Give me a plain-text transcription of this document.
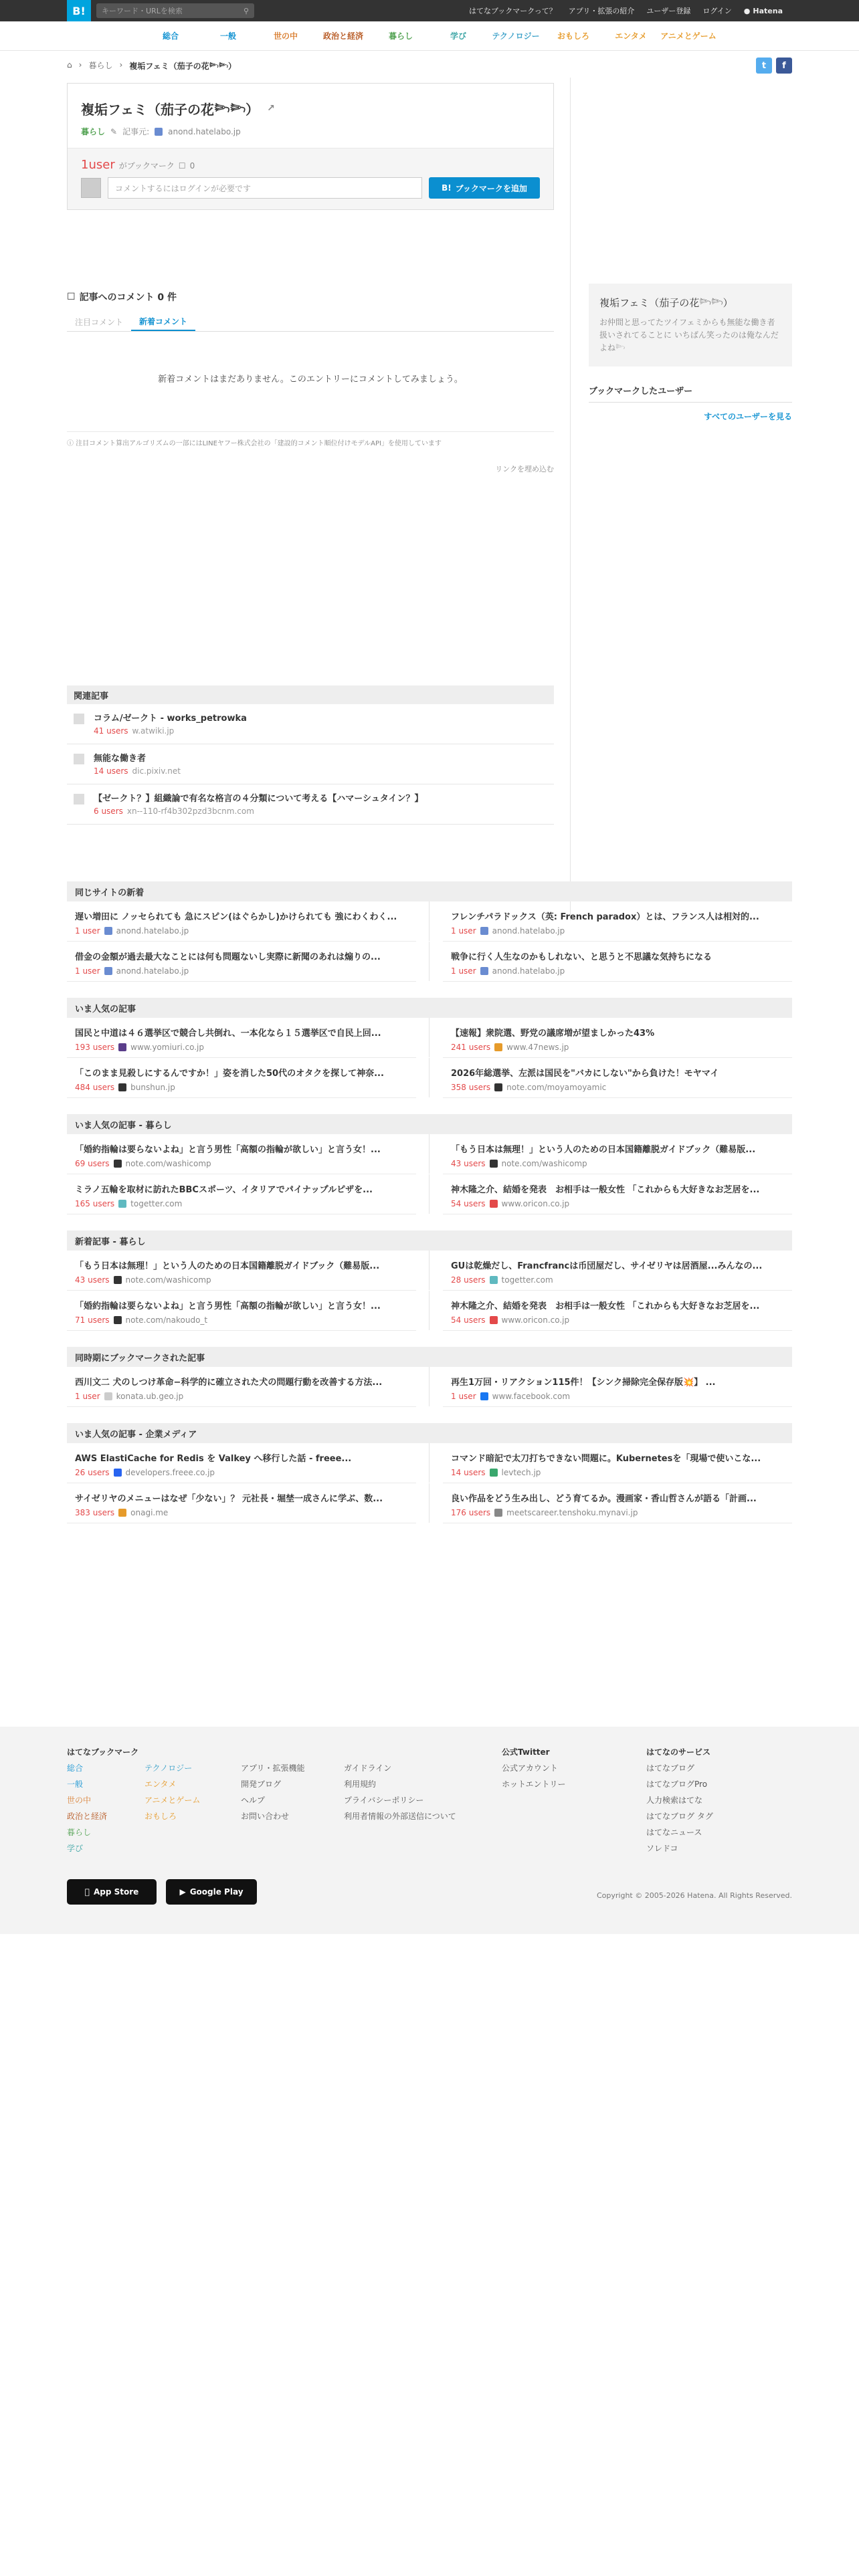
B!	キーワード・URLを検索	⚲	はてなブックマークって？ アプリ・拡張の紹介 ユーザー登録 ログイン ● Hatena
総合	一般	世の中	政治と経済	暮らし	学び	テクノロジー	おもしろ	エンタメ	アニメとゲーム
⌂ › 暮らし › 複垢フェミ（茄子の花𓆸𓆸）	t	f
複垢フェミ（茄子の花𓆸𓆸） ↗
暮らし ✎ 記事元: anond.hatelabo.jp
1user がブックマーク ☐ 0
コメントするにはログインが必要です	B! ブックマークを追加
☐ 記事へのコメント 0 件
注目コメント	新着コメント
新着コメントはまだありません。このエントリーにコメントしてみましょう。
ⓘ 注目コメント算出アルゴリズムの一部にはLINEヤフー株式会社の「建設的コメント順位付けモデルAPI」を使用しています
リンクを埋め込む
関連記事
コラム/ゼークト - works_petrowka
41 users w.atwiki.jp
無能な働き者
14 users dic.pixiv.net
【ゼークト？】組織論で有名な格言の４分類について考える【ハマーシュタイン？】
6 users xn--110-rf4b302pzd3bcnm.com
複垢フェミ（茄子の花𓆸𓆸）
お仲間と思ってたツイフェミからも無能な働き者扱いされてることに いちばん笑ったのは俺なんだよね𓆸
ブックマークしたユーザー
すべてのユーザーを見る
同じサイトの新着
遅い増田に ノッセられても 急にスピン(はぐらかし)かけられても 強にわくわく...
1 user anond.hatelabo.jp
フレンチパラドックス（英: French paradox）とは、フランス人は相対的...
1 user anond.hatelabo.jp
借金の金額が過去最大なことには何も問題ないし実際に新聞のあれは煽りの...
1 user anond.hatelabo.jp
戦争に行く人生なのかもしれない、と思うと不思議な気持ちになる
1 user anond.hatelabo.jp
いま人気の記事
国民と中道は４６選挙区で競合し共倒れ、一本化なら１５選挙区で自民上回...
193 users www.yomiuri.co.jp
【速報】衆院選、野党の議席増が望ましかった43%
241 users www.47news.jp
「このまま見殺しにするんですか！」姿を消した50代のオタクを探して神奈...
484 users bunshun.jp
2026年総選挙、左派は国民を"バカにしない"から負けた！モヤマイ
358 users note.com/moyamoyamic
いま人気の記事 - 暮らし
「婚約指輪は要らないよね」と言う男性「高額の指輪が欲しい」と言う女！...
69 users note.com/washicomp
「もう日本は無理！」という人のための日本国籍離脱ガイドブック（難易版...
43 users note.com/washicomp
ミラノ五輪を取材に訪れたBBCスポーツ、イタリアでパイナップルピザを...
165 users togetter.com
神木隆之介、結婚を発表　お相手は一般女性 「これからも大好きなお芝居を...
54 users www.oricon.co.jp
新着記事 - 暮らし
「もう日本は無理！」という人のための日本国籍離脱ガイドブック（難易版...
43 users note.com/washicomp
GUは乾燥だし、Francfrancは币団屋だし、サイゼリヤは居酒屋...みんなの...
28 users togetter.com
「婚約指輪は要らないよね」と言う男性「高額の指輪が欲しい」と言う女！...
71 users note.com/nakoudo_t
神木隆之介、結婚を発表　お相手は一般女性 「これからも大好きなお芝居を...
54 users www.oricon.co.jp
同時期にブックマークされた記事
西川文二 犬のしつけ革命−科学的に確立された犬の問題行動を改善する方法...
1 user konata.ub.geo.jp
再生1万回・リアクション115件！【シンク掃除完全保存版💥】 ...
1 user www.facebook.com
いま人気の記事 - 企業メディア
AWS ElastiCache for Redis を Valkey へ移行した話 - freee...
26 users developers.freee.co.jp
コマンド暗記で太刀打ちできない問題に。Kubernetesを「現場で使いこな...
14 users levtech.jp
サイゼリヤのメニューはなぜ「少ない」？ 元社長・堀埜一成さんに学ぶ、数...
383 users onagi.me
良い作品をどう生み出し、どう育てるか。漫画家・香山哲さんが語る「計画...
176 users meetscareer.tenshoku.mynavi.jp
はてなブックマーク
総合
一般
世の中
政治と経済
暮らし
学び
テクノロジー
エンタメ
アニメとゲーム
おもしろ
アプリ・拡張機能
開発ブログ
ヘルプ
お問い合わせ
ガイドライン
利用規約
プライバシーポリシー
利用者情報の外部送信について
公式Twitter
公式アカウント
ホットエントリー
はてなのサービス
はてなブログ
はてなブログPro
人力検索はてな
はてなブログ タグ
はてなニュース
ソレドコ
App Store	▶ Google Play	Copyright © 2005-2026 Hatena. All Rights Reserved.
